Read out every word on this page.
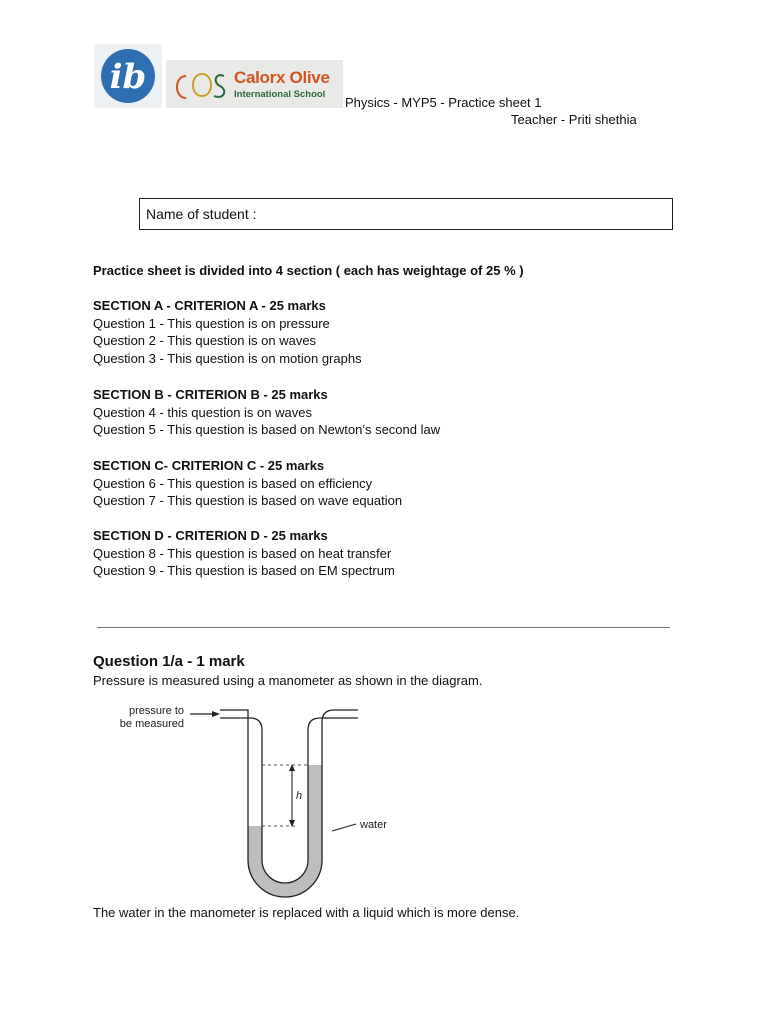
ib	Calorx Olive
International School
Physics - MYP5 - Practice sheet 1
Teacher - Priti shethia
Name of student :
Practice sheet is divided into 4 section ( each has weightage of 25 % )
SECTION A - CRITERION A - 25 marks
Question 1 - This question is on pressure
Question 2 - This question is on waves
Question 3 - This question is on motion graphs
SECTION B - CRITERION B - 25 marks
Question 4 - this question is on waves
Question 5 - This question is based on Newton’s second law
SECTION C- CRITERION C - 25 marks
Question 6 - This question is based on efficiency
Question 7 - This question is based on wave equation
SECTION D - CRITERION D - 25 marks
Question 8 - This question is based on heat transfer
Question 9 - This question is based on EM spectrum
Question 1/a - 1 mark
Pressure is measured using a manometer as shown in the diagram.
pressure to
be measured
h
water
The water in the manometer is replaced with a liquid which is more dense.
